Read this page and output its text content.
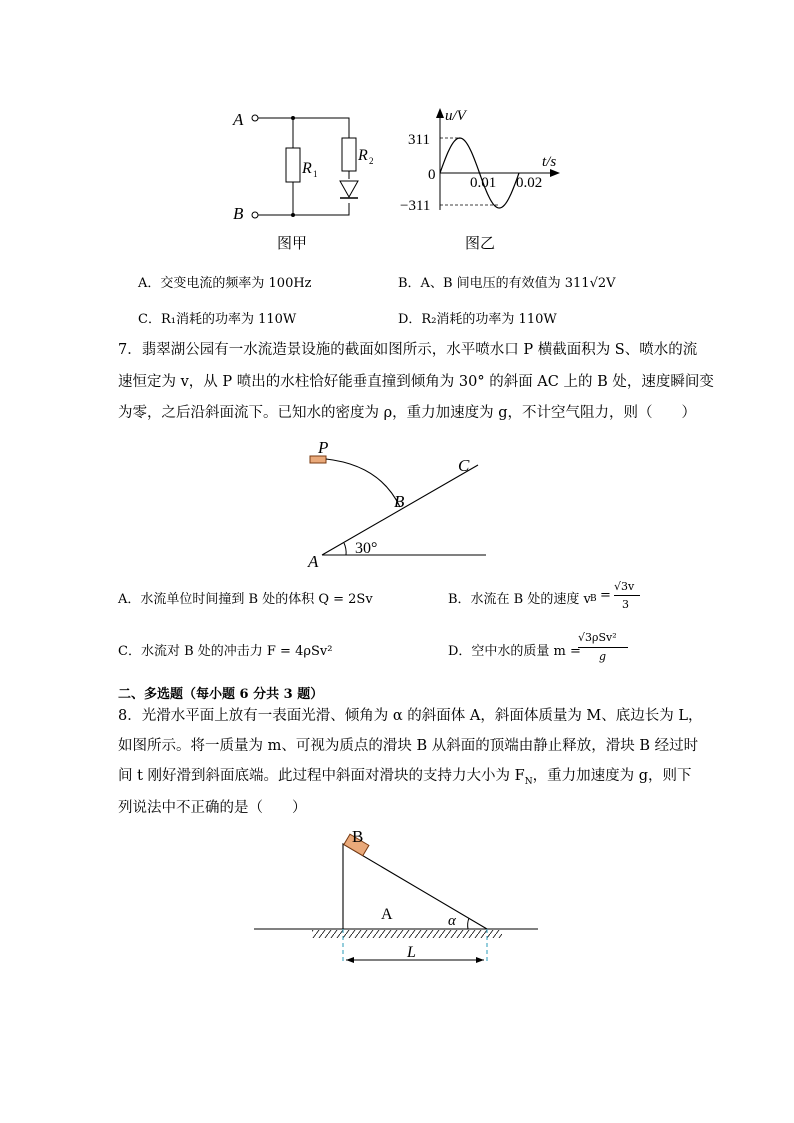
A
B
R 1
R 2
图甲
u/V
t/s
311
0
−311
0.01 0.02
图乙
A．交变电流的频率为 100Hz	B．A、B 间电压的有效值为 311√2V
C．R₁消耗的功率为 110W	D．R₂消耗的功率为 110W
7．翡翠湖公园有一水流造景设施的截面如图所示，水平喷水口 P 横截面积为 S、喷水的流
速恒定为 v，从 P 喷出的水柱恰好能垂直撞到倾角为 30° 的斜面 AC 上的 B 处，速度瞬间变
为零，之后沿斜面流下。已知水的密度为 ρ，重力加速度为 g，不计空气阻力，则（　　）
P
C
B
A
30°
A．水流单位时间撞到 B 处的体积 Q = 2Sv	B．水流在 B 处的速度 v B =
√3v
3
C．水流对 B 处的冲击力 F = 4ρSv²	D．空中水的质量 m =
√3ρSv²
g
二、多选题（每小题 6 分共 3 题）
8．光滑水平面上放有一表面光滑、倾角为 α 的斜面体 A，斜面体质量为 M、底边长为 L，
如图所示。将一质量为 m、可视为质点的滑块 B 从斜面的顶端由静止释放，滑块 B 经过时
间 t 刚好滑到斜面底端。此过程中斜面对滑块的支持力大小为 $F_N$，重力加速度为 g，则下
列说法中不正确的是（　　）
B
A	α
L
